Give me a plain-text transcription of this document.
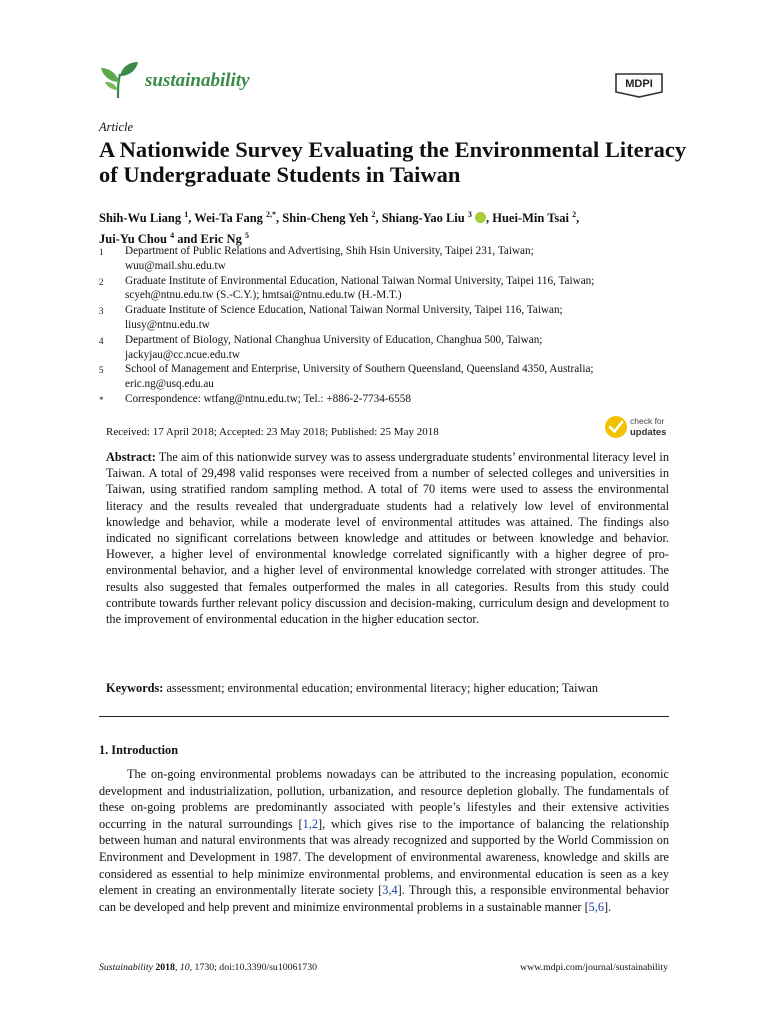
sustainability	MDPI
Article
A Nationwide Survey Evaluating the Environmental Literacy of Undergraduate Students in Taiwan
Shih-Wu Liang $^1$, Wei-Ta Fang $^{2,*}$, Shin-Cheng Yeh $^2$, Shiang-Yao Liu $^3$ , Huei-Min Tsai $^2$,
Jui-Yu Chou $^4$ and Eric Ng $^5$
1	Department of Public Relations and Advertising, Shih Hsin University, Taipei 231, Taiwan;
wuu@mail.shu.edu.tw
2	Graduate Institute of Environmental Education, National Taiwan Normal University, Taipei 116, Taiwan;
scyeh@ntnu.edu.tw (S.-C.Y.); hmtsai@ntnu.edu.tw (H.-M.T.)
3	Graduate Institute of Science Education, National Taiwan Normal University, Taipei 116, Taiwan;
liusy@ntnu.edu.tw
4	Department of Biology, National Changhua University of Education, Changhua 500, Taiwan;
jackyjau@cc.ncue.edu.tw
5	School of Management and Enterprise, University of Southern Queensland, Queensland 4350, Australia;
eric.ng@usq.edu.au
*	Correspondence: wtfang@ntnu.edu.tw; Tel.: +886-2-7734-6558
Received: 17 April 2018; Accepted: 23 May 2018; Published: 25 May 2018
check for
updates
Abstract: The aim of this nationwide survey was to assess undergraduate students’ environmental literacy level in Taiwan. A total of 29,498 valid responses were received from a number of selected colleges and universities in Taiwan, using stratified random sampling method. A total of 70 items were used to assess the environmental literacy and the results revealed that undergraduate students had a relatively low level of environmental knowledge and behavior, while a moderate level of environmental attitudes was attained. The findings also indicated no significant correlations between knowledge and attitudes or between knowledge and behavior. However, a higher level of environmental knowledge correlated significantly with a higher degree of pro-environmental behavior, and a higher level of environmental knowledge correlated with stronger attitudes. The results also suggested that females outperformed the males in all categories. Results from this study could contribute towards further relevant policy discussion and decision-making, curriculum design and development to the improvement of environmental education in the higher education sector.
Keywords: assessment; environmental education; environmental literacy; higher education; Taiwan
1. Introduction
The on-going environmental problems nowadays can be attributed to the increasing population, economic development and industrialization, pollution, urbanization, and resource depletion globally. The fundamentals of these on-going problems are predominantly associated with people’s lifestyles and their extensive activities occurring in the natural surroundings [1,2], which gives rise to the importance of balancing the relationship between human and natural environments that was already recognized and supported by the World Commission on Environment and Development in 1987. The development of environmental awareness, knowledge and skills are considered as essential to help minimize environmental problems, and environmental education is seen as a key element in creating an environmentally literate society [3,4]. Through this, a responsible environmental behavior can be developed and help prevent and minimize environmental problems in a sustainable manner [5,6].
Sustainability 2018, 10, 1730; doi:10.3390/su10061730	www.mdpi.com/journal/sustainability
